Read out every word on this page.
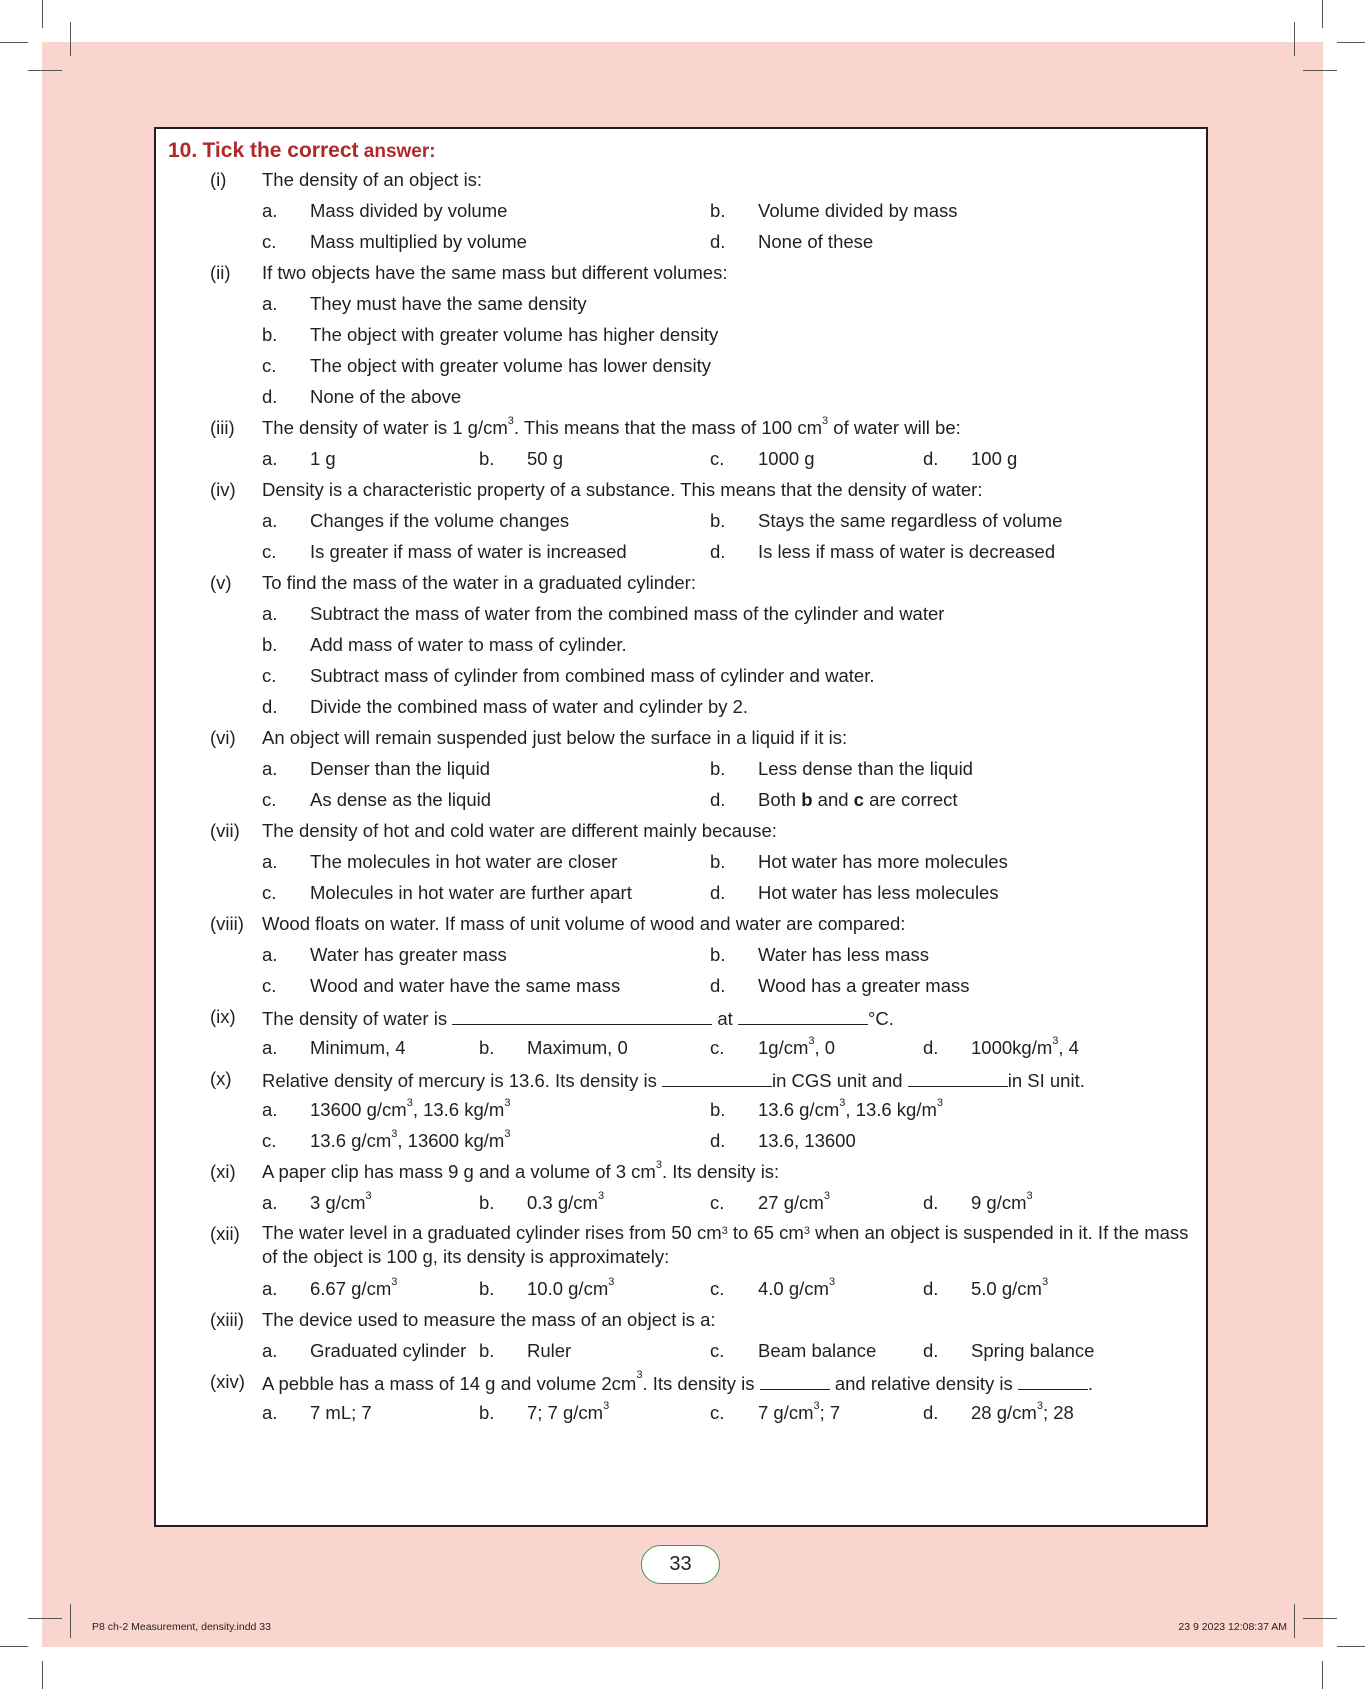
10. Tick the correct answer:
(i) The density of an object is:
a. Mass divided by volume	b. Volume divided by mass
c. Mass multiplied by volume	d. None of these
(ii) If two objects have the same mass but different volumes:
a. They must have the same density
b. The object with greater volume has higher density
c. The object with greater volume has lower density
d. None of the above
(iii) The density of water is 1 $g/cm^3$. This means that the mass of 100 $cm^3$ of water will be:
a. 1 g	b. 50 g	c. 1000 g	d. 100 g
(iv) Density is a characteristic property of a substance. This means that the density of water:
a. Changes if the volume changes	b. Stays the same regardless of volume
c. Is greater if mass of water is increased	d. Is less if mass of water is decreased
(v) To find the mass of the water in a graduated cylinder:
a. Subtract the mass of water from the combined mass of the cylinder and water
b. Add mass of water to mass of cylinder.
c. Subtract mass of cylinder from combined mass of cylinder and water.
d. Divide the combined mass of water and cylinder by 2.
(vi) An object will remain suspended just below the surface in a liquid if it is:
a. Denser than the liquid	b. Less dense than the liquid
c. As dense as the liquid	d. Both b and c are correct
(vii) The density of hot and cold water are different mainly because:
a. The molecules in hot water are closer	b. Hot water has more molecules
c. Molecules in hot water are further apart	d. Hot water has less molecules
(viii) Wood floats on water. If mass of unit volume of wood and water are compared:
a. Water has greater mass	b. Water has less mass
c. Wood and water have the same mass	d. Wood has a greater mass
(ix) The density of water is	at	°C.
a. Minimum, 4	b. Maximum, 0	c. $1g/cm^3$, 0	d. $1000kg/m^3$, 4
(x) Relative density of mercury is 13.6. Its density is	in CGS unit and	in SI unit.
a. 13600 $g/cm^3$, 13.6 $kg/m^3$	b. 13.6 $g/cm^3$, 13.6 $kg/m^3$
c. 13.6 $g/cm^3$, 13600 $kg/m^3$	d. 13.6, 13600
(xi) A paper clip has mass 9 g and a volume of 3 $cm^3$. Its density is:
a. 3 $g/cm^3$	b. 0.3 $g/cm^3$	c. 27 $g/cm^3$	d. 9 $g/cm^3$
(xii) The water level in a graduated cylinder rises from 50 $cm^3$ to 65 $cm^3$ when an object is suspended in it. If the mass of the object is 100 g, its density is approximately:
a. 6.67 $g/cm^3$	b. 10.0 $g/cm^3$	c. 4.0 $g/cm^3$	d. 5.0 $g/cm^3$
(xiii) The device used to measure the mass of an object is a:
a. Graduated cylinder b. Ruler	c. Beam balance	d. Spring balance
(xiv) A pebble has a mass of 14 g and volume $2cm^3$. Its density is	and relative density is	.
a. 7 mL; 7	b. 7; 7 $g/cm^3$	c. 7 $g/cm^3$; 7	d. 28 $g/cm^3$; 28
33
P8 ch-2 Measurement, density.indd 33	23 9 2023 12:08:37 AM
